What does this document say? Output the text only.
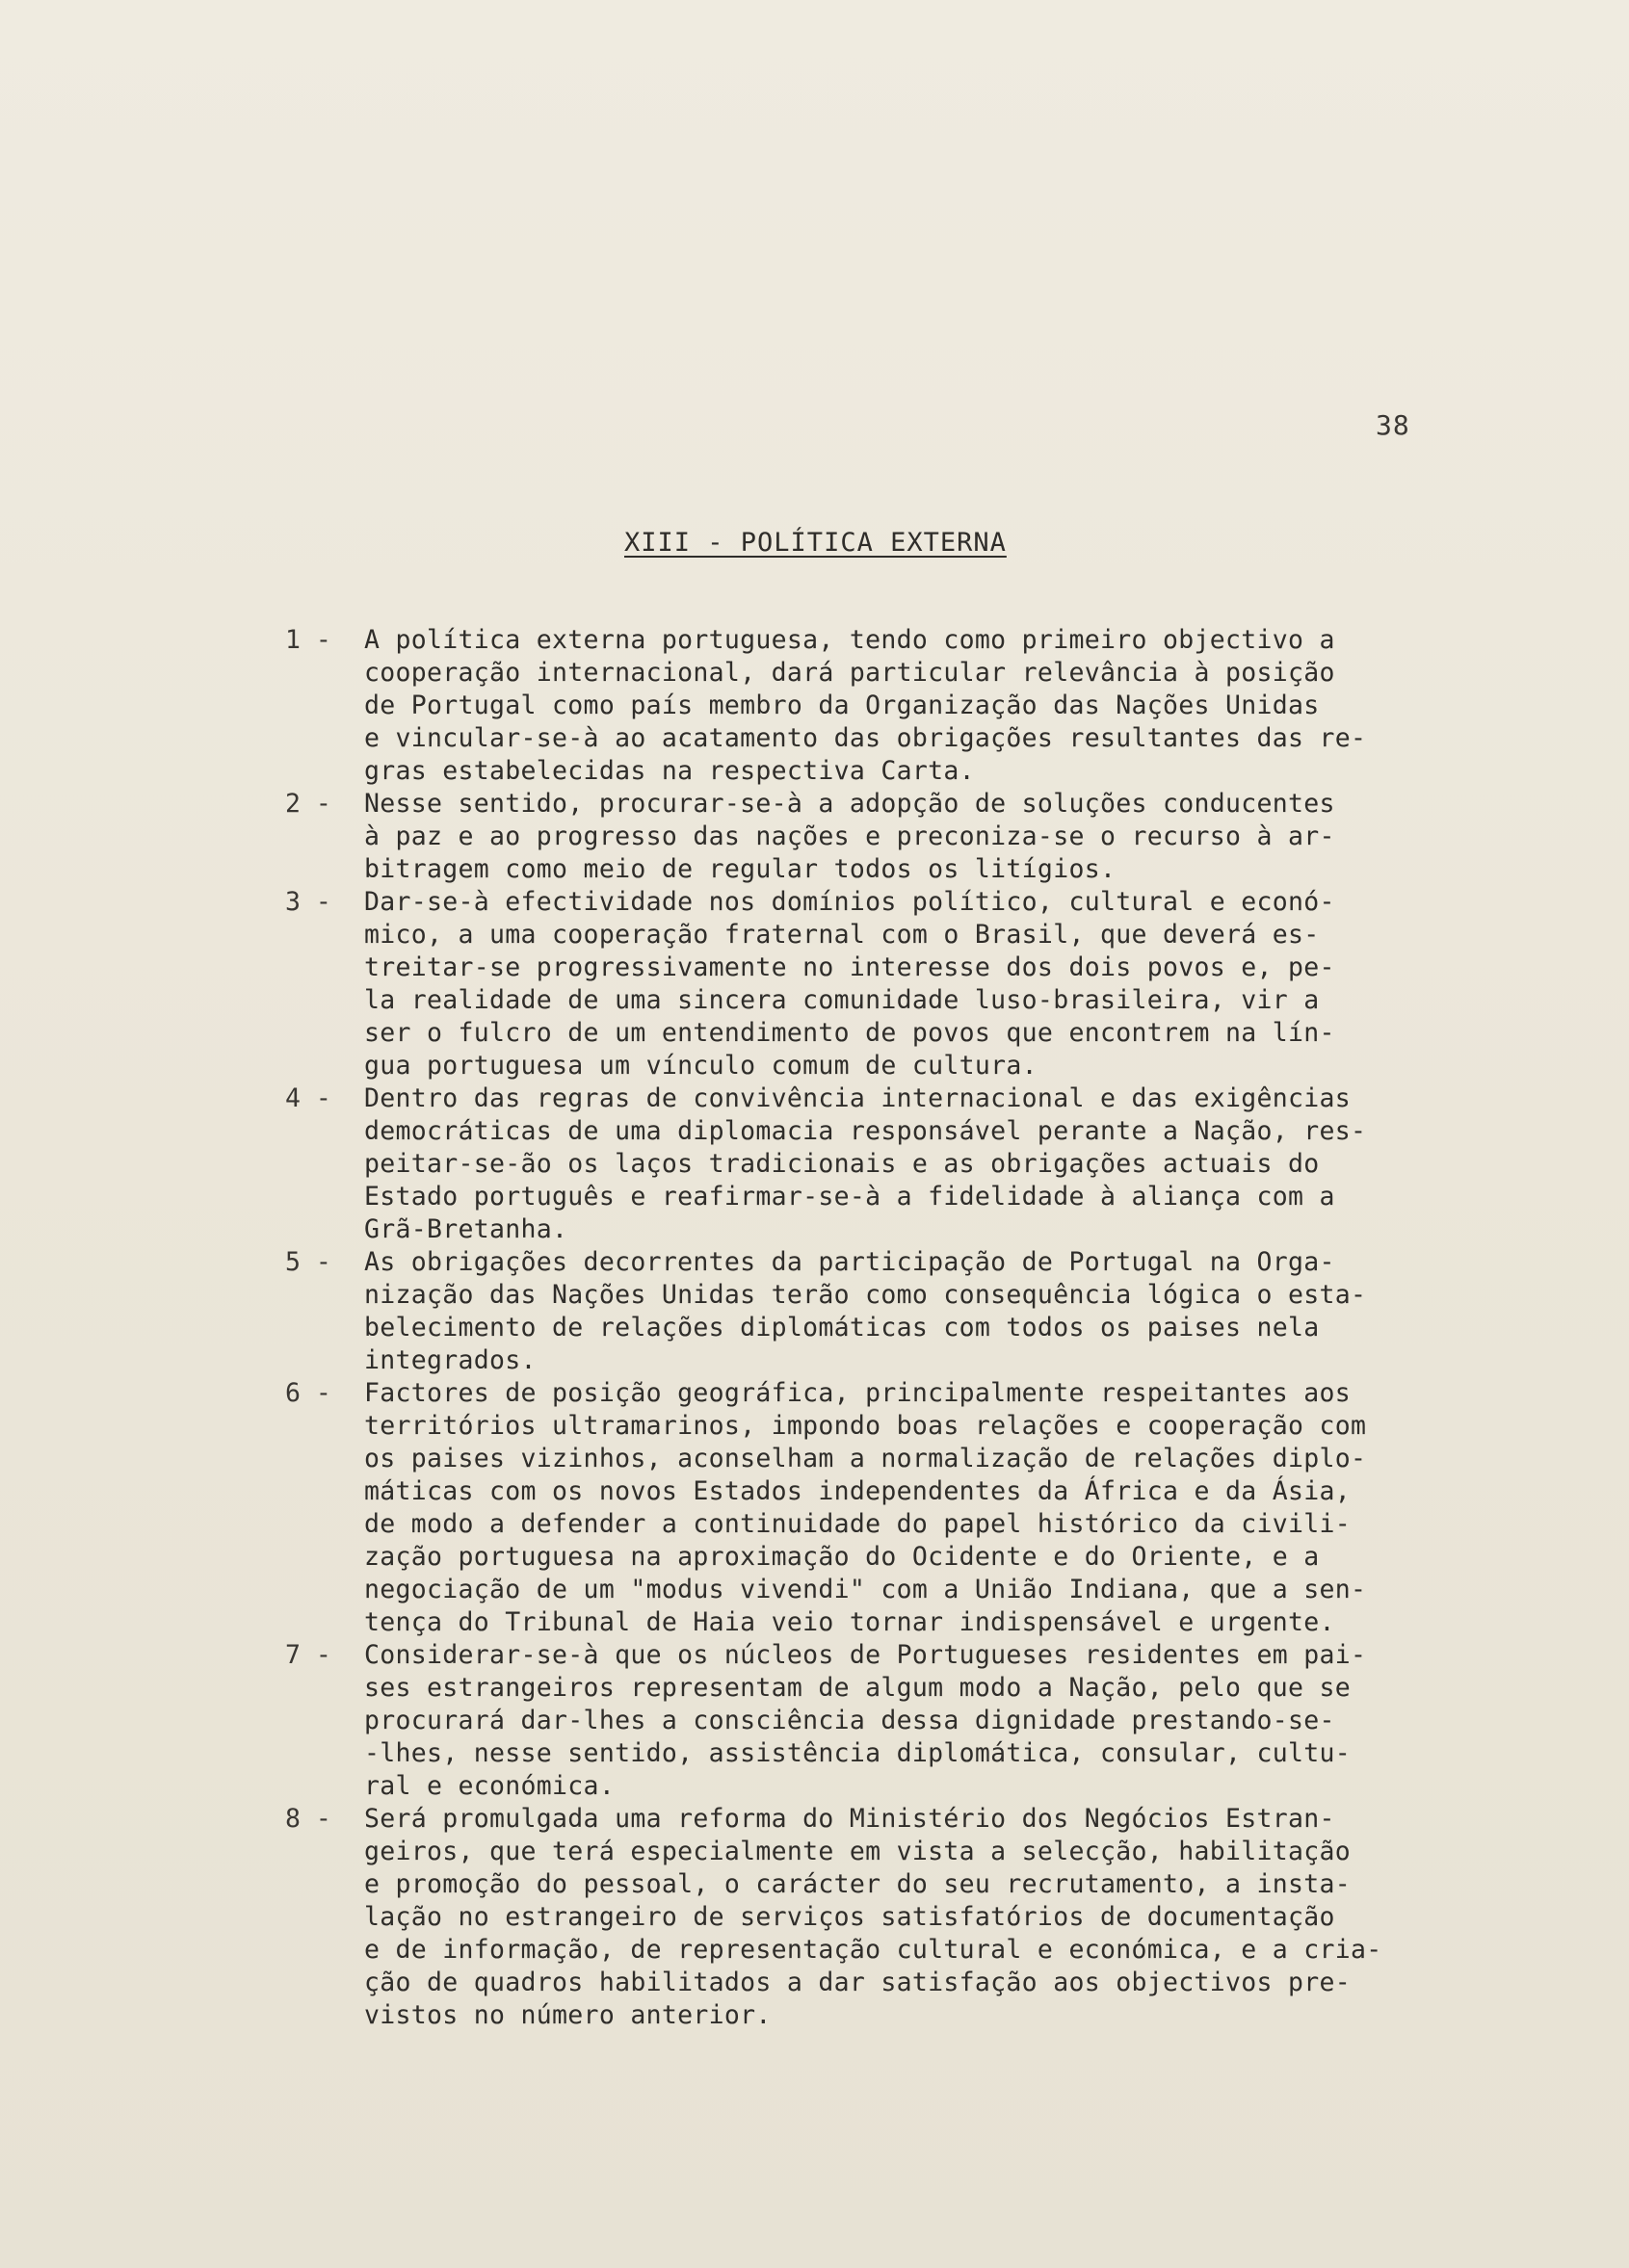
38
XIII - POLÍTICA EXTERNA
1 -	A política externa portuguesa, tendo como primeiro objectivo a
cooperação internacional, dará particular relevância à posição
de Portugal como país membro da Organização das Nações Unidas
e vincular-se-à ao acatamento das obrigações resultantes das re-
gras estabelecidas na respectiva Carta.
2 -	Nesse sentido, procurar-se-à a adopção de soluções conducentes
à paz e ao progresso das nações e preconiza-se o recurso à ar-
bitragem como meio de regular todos os litígios.
3 -	Dar-se-à efectividade nos domínios político, cultural e econó-
mico, a uma cooperação fraternal com o Brasil, que deverá es-
treitar-se progressivamente no interesse dos dois povos e, pe-
la realidade de uma sincera comunidade luso-brasileira, vir a
ser o fulcro de um entendimento de povos que encontrem na lín-
gua portuguesa um vínculo comum de cultura.
4 -	Dentro das regras de convivência internacional e das exigências
democráticas de uma diplomacia responsável perante a Nação, res-
peitar-se-ão os laços tradicionais e as obrigações actuais do
Estado português e reafirmar-se-à a fidelidade à aliança com a
Grã-Bretanha.
5 -	As obrigações decorrentes da participação de Portugal na Orga-
nização das Nações Unidas terão como consequência lógica o esta-
belecimento de relações diplomáticas com todos os paises nela
integrados.
6 -	Factores de posição geográfica, principalmente respeitantes aos
territórios ultramarinos, impondo boas relações e cooperação com
os paises vizinhos, aconselham a normalização de relações diplo-
máticas com os novos Estados independentes da África e da Ásia,
de modo a defender a continuidade do papel histórico da civili-
zação portuguesa na aproximação do Ocidente e do Oriente, e a
negociação de um "modus vivendi" com a União Indiana, que a sen-
tença do Tribunal de Haia veio tornar indispensável e urgente.
7 -	Considerar-se-à que os núcleos de Portugueses residentes em pai-
ses estrangeiros representam de algum modo a Nação, pelo que se
procurará dar-lhes a consciência dessa dignidade prestando-se-
-lhes, nesse sentido, assistência diplomática, consular, cultu-
ral e económica.
8 -	Será promulgada uma reforma do Ministério dos Negócios Estran-
geiros, que terá especialmente em vista a selecção, habilitação
e promoção do pessoal, o carácter do seu recrutamento, a insta-
lação no estrangeiro de serviços satisfatórios de documentação
e de informação, de representação cultural e económica, e a cria-
ção de quadros habilitados a dar satisfação aos objectivos pre-
vistos no número anterior.
